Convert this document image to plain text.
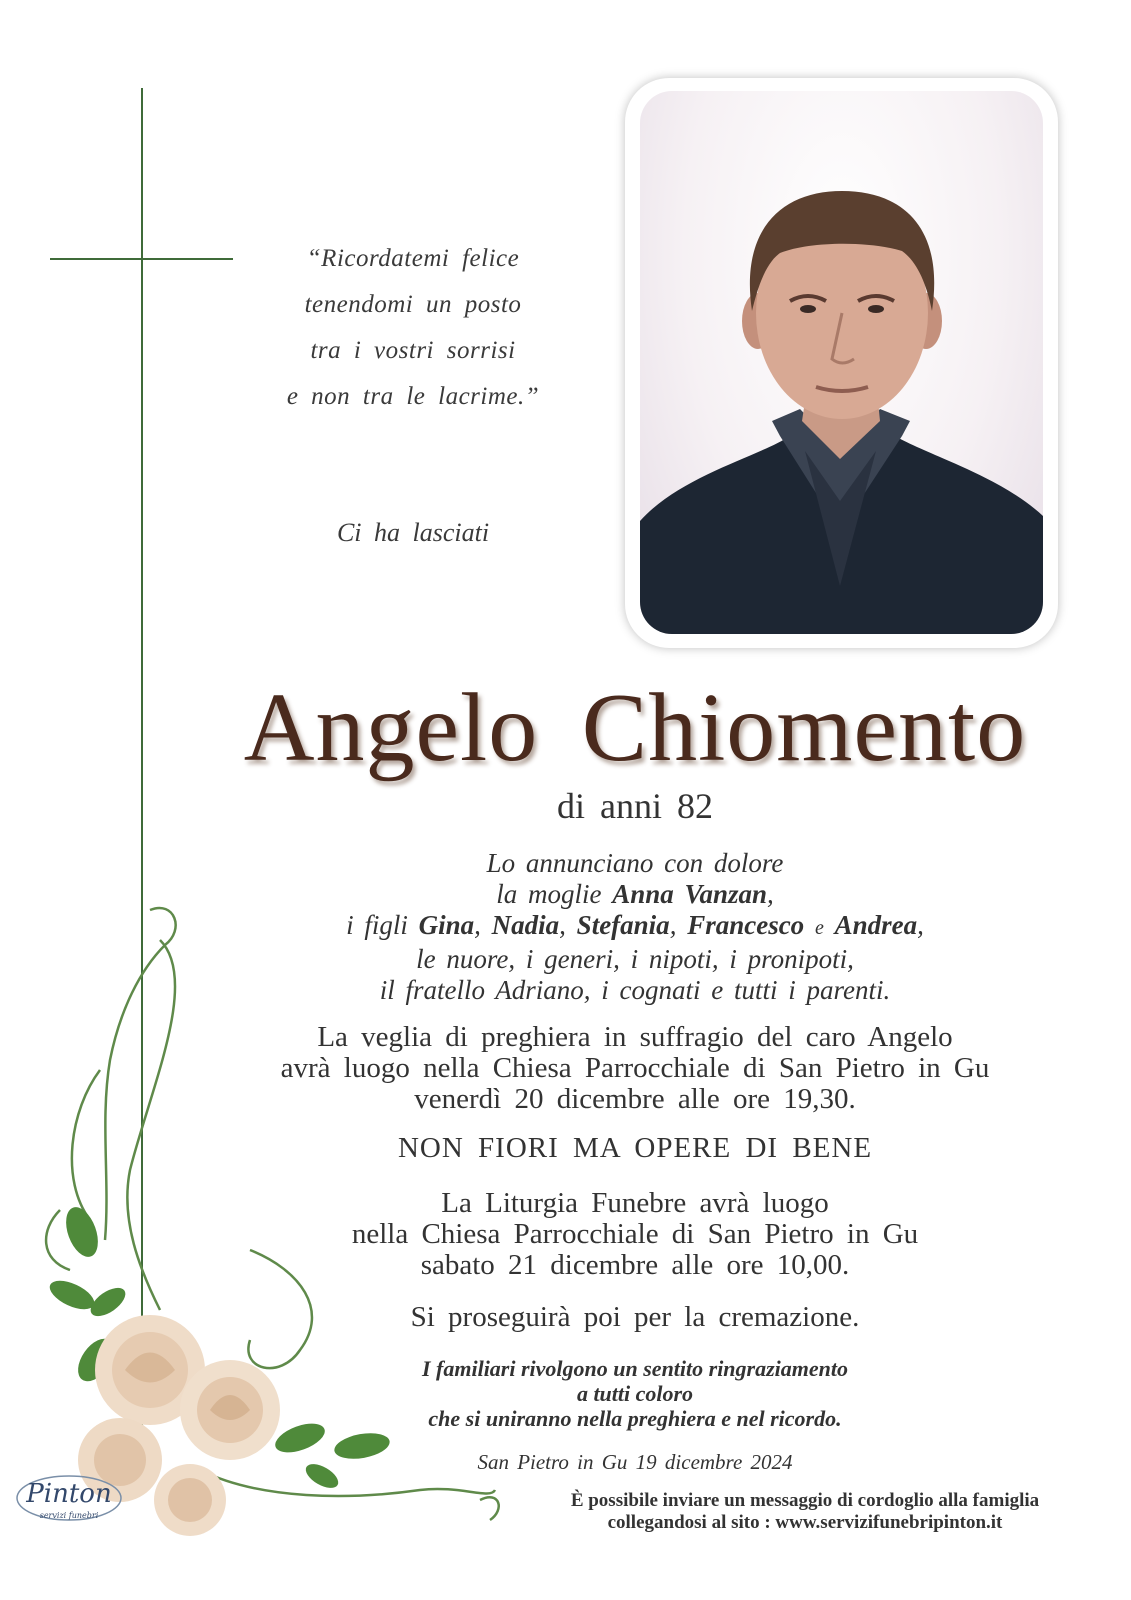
“Ricordatemi felice
tenendomi un posto
tra i vostri sorrisi
e non tra le lacrime.”
Ci ha lasciati
Angelo Chiomento
di anni 82
Lo annunciano con dolore
la moglie Anna Vanzan,
i figli Gina, Nadia, Stefania, Francesco e Andrea,
le nuore, i generi, i nipoti, i pronipoti,
il fratello Adriano, i cognati e tutti i parenti.
La veglia di preghiera in suffragio del caro Angelo
avrà luogo nella Chiesa Parrocchiale di San Pietro in Gu
venerdì 20 dicembre alle ore 19,30.
NON FIORI MA OPERE DI BENE
La Liturgia Funebre avrà luogo
nella Chiesa Parrocchiale di San Pietro in Gu
sabato 21 dicembre alle ore 10,00.
Si proseguirà poi per la cremazione.
I familiari rivolgono un sentito ringraziamento
a tutti coloro
che si uniranno nella preghiera e nel ricordo.
San Pietro in Gu 19 dicembre 2024
È possibile inviare un messaggio di cordoglio alla famiglia
collegandosi al sito : www.servizifunebripinton.it
Pinton
servizi funebri
